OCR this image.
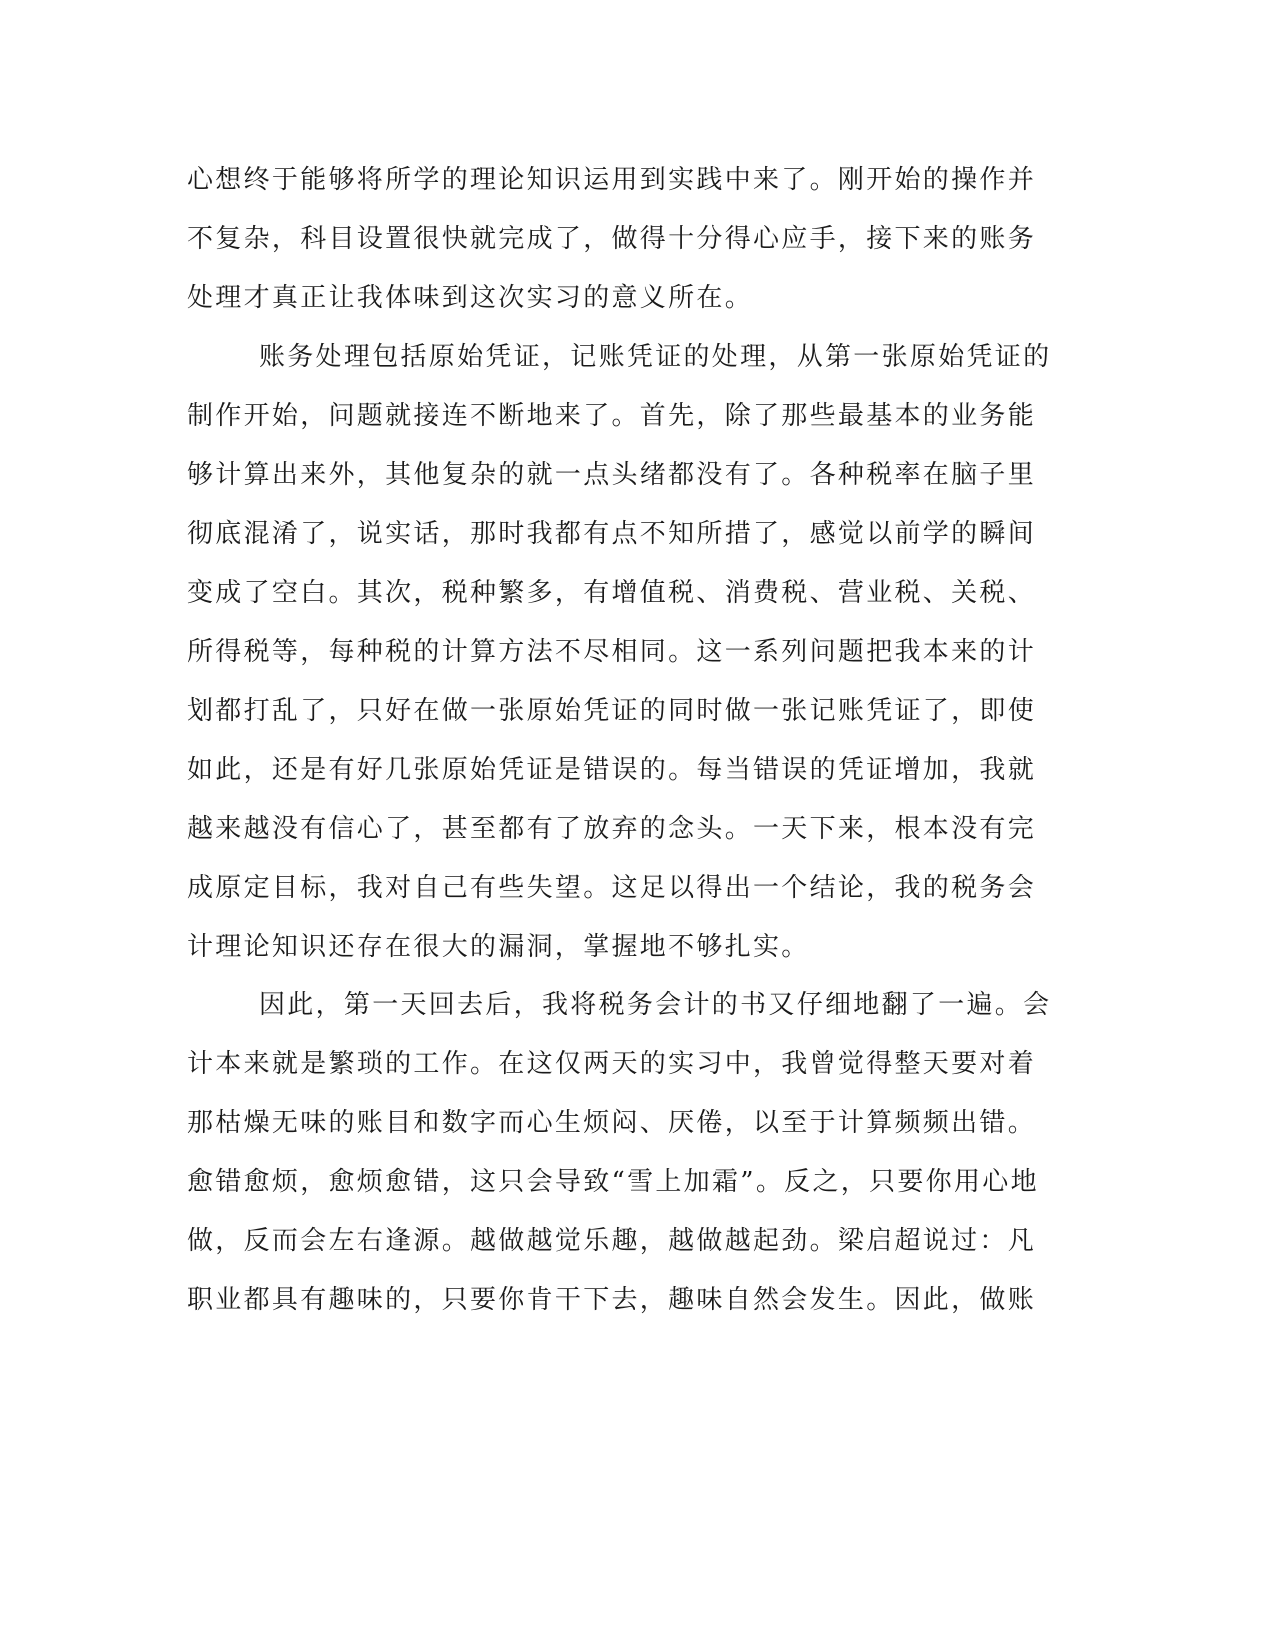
心想终于能够将所学的理论知识运用到实践中来了。刚开始的操作并
不复杂，科目设置很快就完成了，做得十分得心应手，接下来的账务
处理才真正让我体味到这次实习的意义所在。
账务处理包括原始凭证，记账凭证的处理，从第一张原始凭证的
制作开始，问题就接连不断地来了。首先，除了那些最基本的业务能
够计算出来外，其他复杂的就一点头绪都没有了。各种税率在脑子里
彻底混淆了，说实话，那时我都有点不知所措了，感觉以前学的瞬间
变成了空白。其次，税种繁多，有增值税、消费税、营业税、关税、
所得税等，每种税的计算方法不尽相同。这一系列问题把我本来的计
划都打乱了，只好在做一张原始凭证的同时做一张记账凭证了，即使
如此，还是有好几张原始凭证是错误的。每当错误的凭证增加，我就
越来越没有信心了，甚至都有了放弃的念头。一天下来，根本没有完
成原定目标，我对自己有些失望。这足以得出一个结论，我的税务会
计理论知识还存在很大的漏洞，掌握地不够扎实。
因此，第一天回去后，我将税务会计的书又仔细地翻了一遍。会
计本来就是繁琐的工作。在这仅两天的实习中，我曾觉得整天要对着
那枯燥无味的账目和数字而心生烦闷、厌倦，以至于计算频频出错。
愈错愈烦，愈烦愈错，这只会导致“雪上加霜”。反之，只要你用心地
做，反而会左右逢源。越做越觉乐趣，越做越起劲。梁启超说过：凡
职业都具有趣味的，只要你肯干下去，趣味自然会发生。因此，做账
